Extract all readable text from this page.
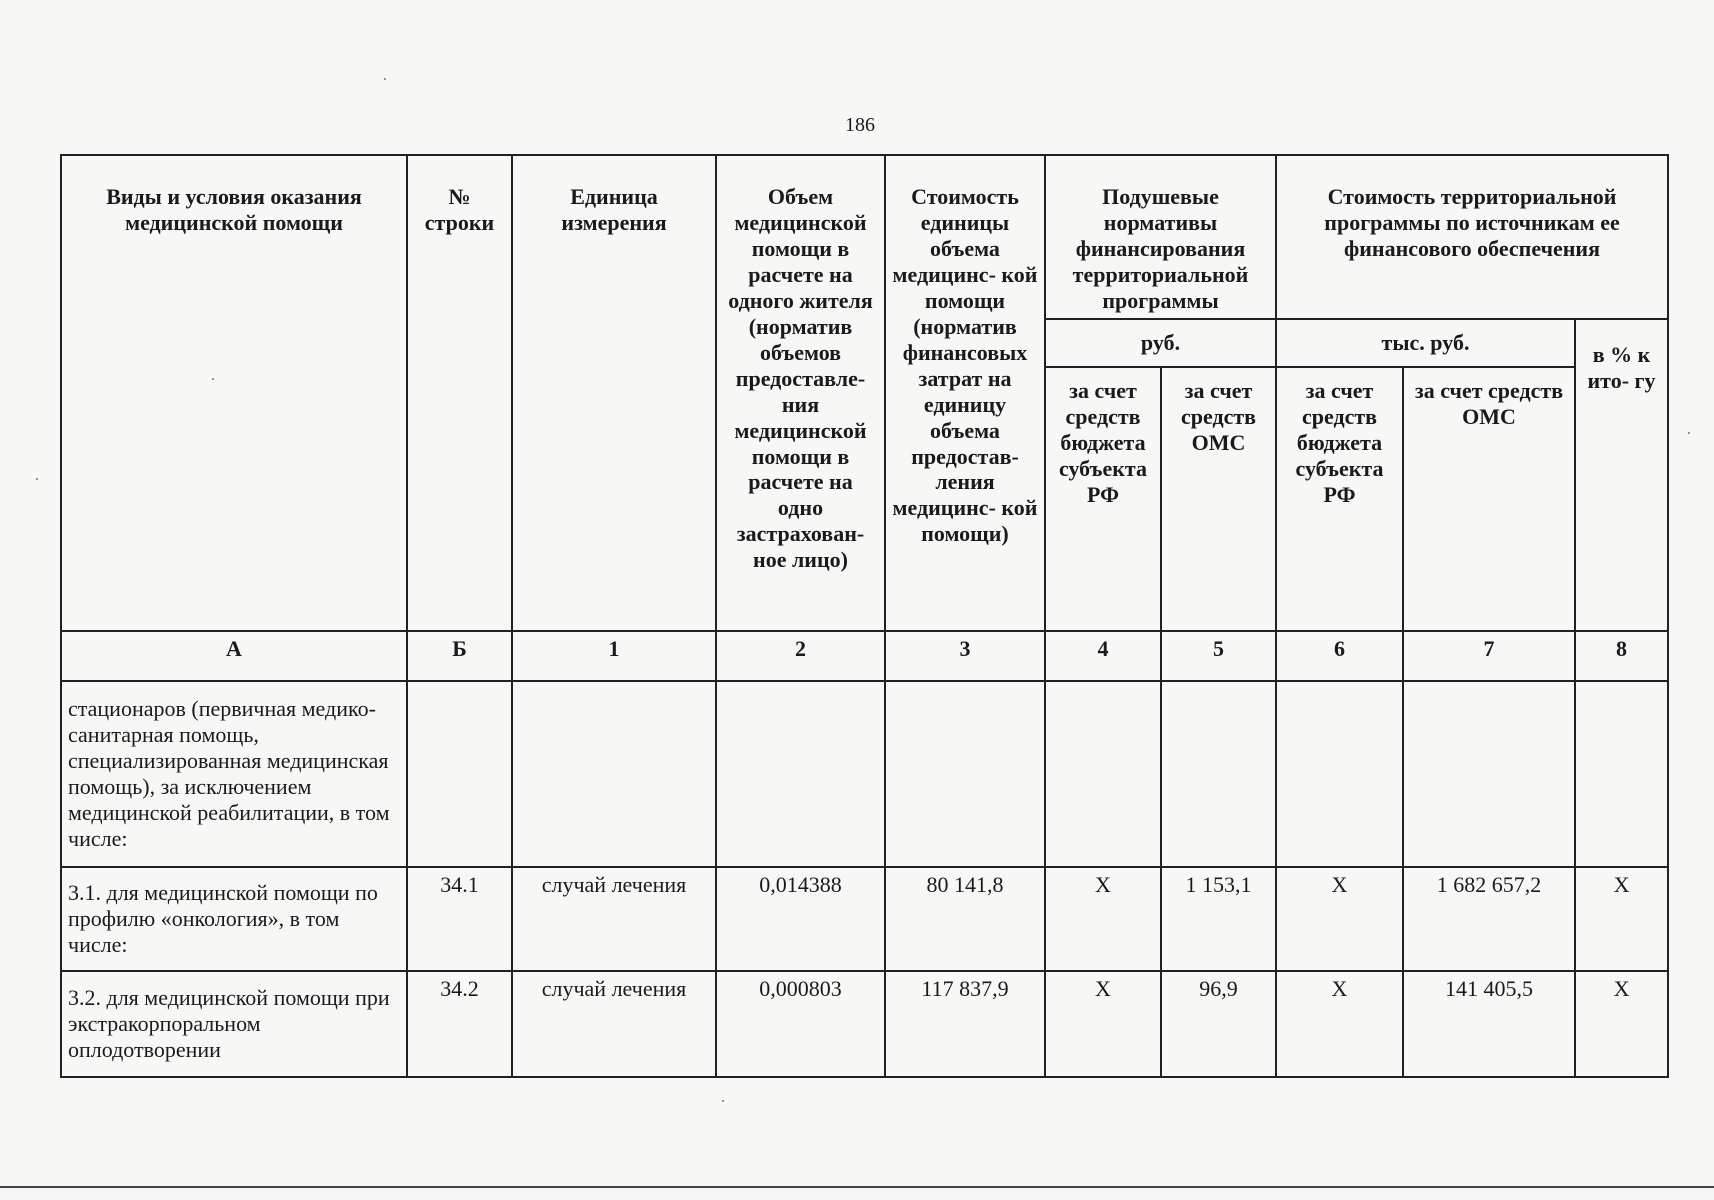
186
Виды и условия оказания медицинской помощи	№ строки	Единица измерения	Объем медицинской помощи в расчете на одного жителя (норматив объемов предоставле- ния медицинской помощи в расчете на одно застрахован- ное лицо)	Стоимость единицы объема медицинс- кой помощи (норматив финансовых затрат на единицу объема предостав- ления медицинс- кой помощи)	Подушевые нормативы финансирования территориальной программы		Стоимость территориальной программы по источникам ее финансового обеспечения		
					руб.		тыс. руб.		в % к ито- гу
					за счет средств бюджета субъекта РФ	за счет средств ОМС	за счет средств бюджета субъекта РФ	за счет средств ОМС	
А	Б	1	2	3	4	5	6	7	8
стационаров (первичная медико-санитарная помощь, специализированная медицинская помощь), за исключением медицинской реабилитации, в том числе:									
3.1. для медицинской помощи по профилю «онкология», в том числе:	34.1	случай лечения	0,014388	80 141,8	X	1 153,1	X	1 682 657,2	X
3.2. для медицинской помощи при экстракорпоральном оплодотворении	34.2	случай лечения	0,000803	117 837,9	X	96,9	X	141 405,5	X
